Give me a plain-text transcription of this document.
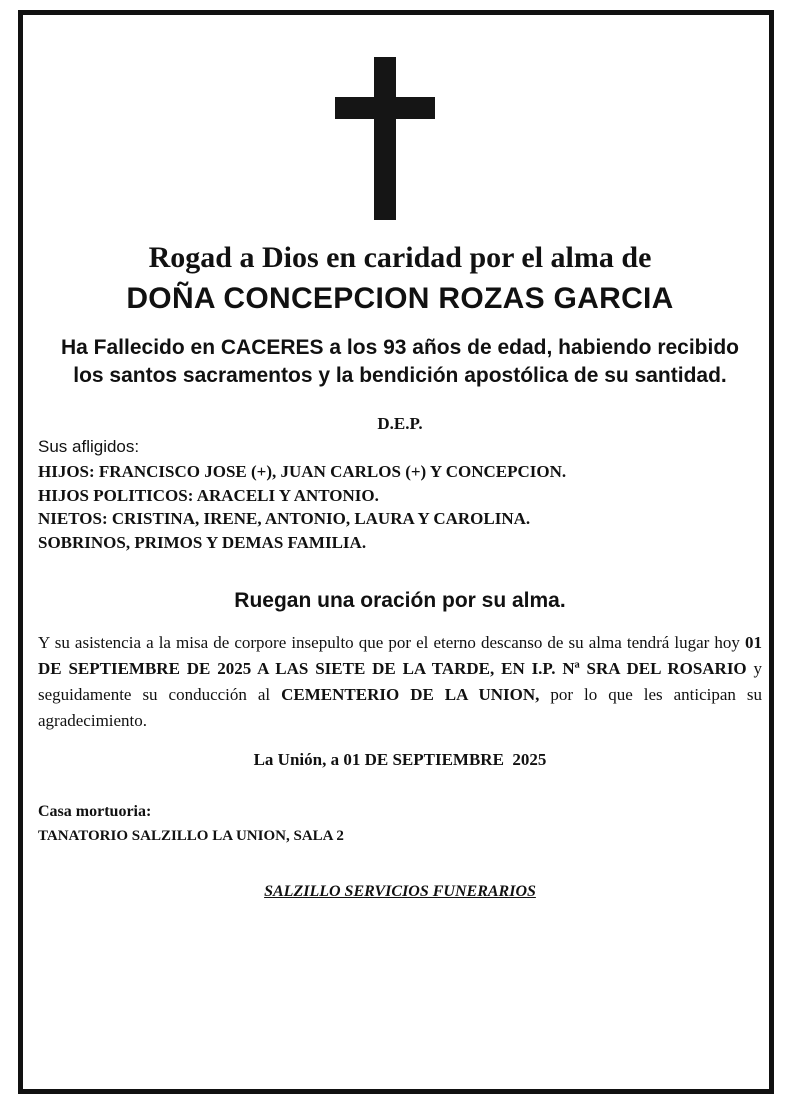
Rogad a Dios en caridad por el alma de
DOÑA CONCEPCION ROZAS GARCIA
Ha Fallecido en CACERES a los 93 años de edad, habiendo recibido
los santos sacramentos y la bendición apostólica de su santidad.
D.E.P.
Sus afligidos:
HIJOS: FRANCISCO JOSE (+), JUAN CARLOS (+) Y CONCEPCION.
HIJOS POLITICOS: ARACELI Y ANTONIO.
NIETOS: CRISTINA, IRENE, ANTONIO, LAURA Y CAROLINA.
SOBRINOS, PRIMOS Y DEMAS FAMILIA.
Ruegan una oración por su alma.
Y su asistencia a la misa de corpore insepulto que por el eterno descanso de su alma tendrá lugar hoy 01 DE SEPTIEMBRE DE 2025 A LAS SIETE DE LA TARDE, EN I.P. Nª SRA DEL ROSARIO y seguidamente su conducción al CEMENTERIO DE LA UNION, por lo que les anticipan su agradecimiento.
La Unión, a 01 DE SEPTIEMBRE  2025
Casa mortuoria:
TANATORIO SALZILLO LA UNION, SALA 2
SALZILLO SERVICIOS FUNERARIOS
